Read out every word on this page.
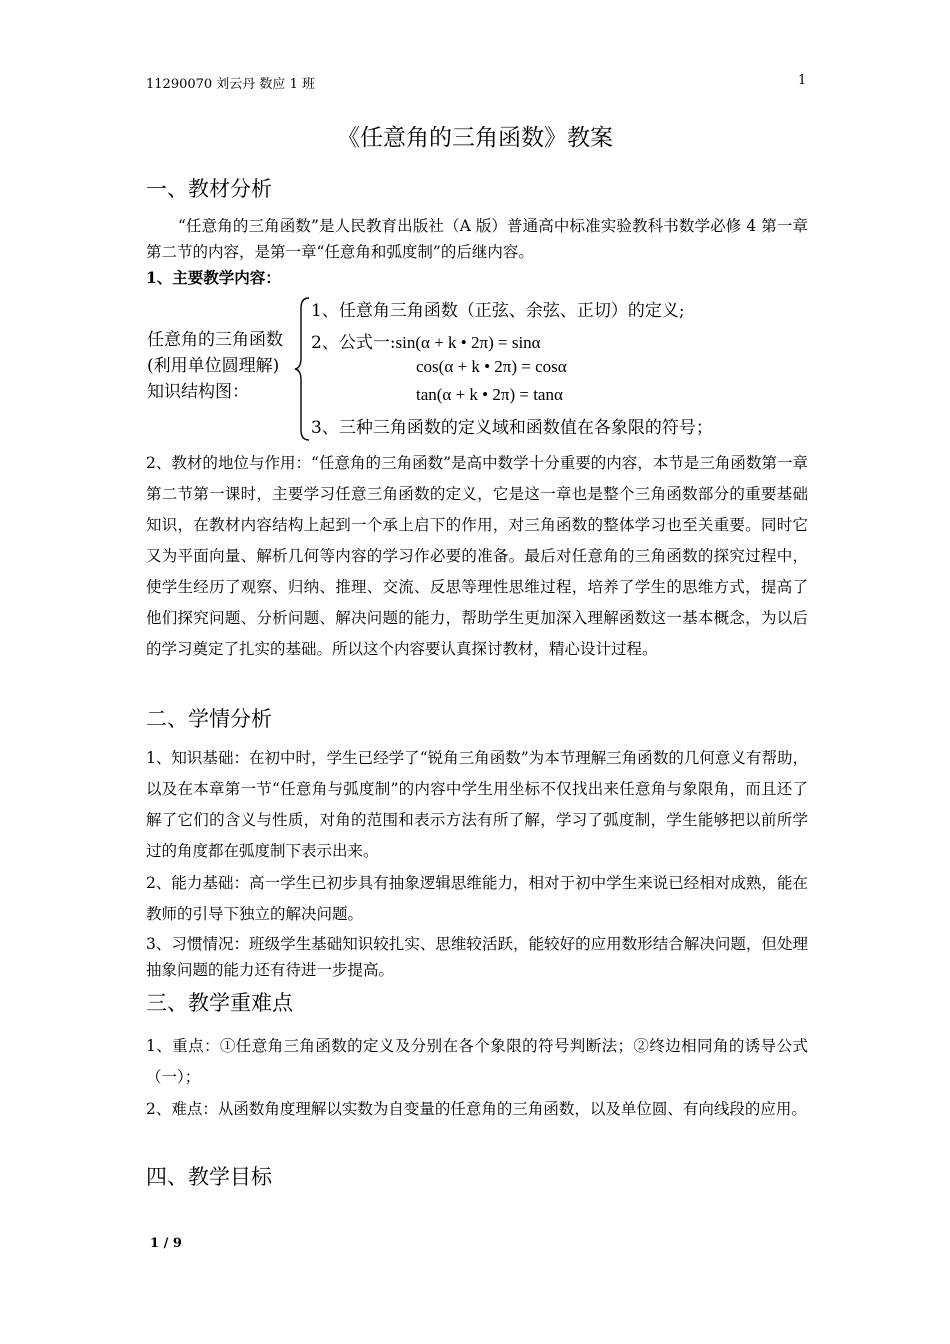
11290070 刘云丹 数应 1 班	1
《任意角的三角函数》教案
一、教材分析
“任意角的三角函数”是人民教育出版社（A 版）普通高中标准实验教科书数学必修 4 第一章第二节的内容，是第一章“任意角和弧度制”的后继内容。
1、主要教学内容：
任意角的三角函数
(利用单位圆理解)
知识结构图：
1、任意角三角函数（正弦、余弦、正切）的定义;
2、公式一:sin(α + k • 2π) = sinα
cos(α + k • 2π) = cosα
tan(α + k • 2π) = tanα
3、三种三角函数的定义域和函数值在各象限的符号；
2、教材的地位与作用：“任意角的三角函数”是高中数学十分重要的内容，本节是三角函数第一章第二节第一课时，主要学习任意三角函数的定义，它是这一章也是整个三角函数部分的重要基础知识，在教材内容结构上起到一个承上启下的作用，对三角函数的整体学习也至关重要。同时它又为平面向量、解析几何等内容的学习作必要的准备。最后对任意角的三角函数的探究过程中，使学生经历了观察、归纳、推理、交流、反思等理性思维过程，培养了学生的思维方式，提高了他们探究问题、分析问题、解决问题的能力，帮助学生更加深入理解函数这一基本概念，为以后的学习奠定了扎实的基础。所以这个内容要认真探讨教材，精心设计过程。
二、学情分析
1、知识基础：在初中时，学生已经学了“锐角三角函数”为本节理解三角函数的几何意义有帮助，以及在本章第一节“任意角与弧度制”的内容中学生用坐标不仅找出来任意角与象限角，而且还了解了它们的含义与性质，对角的范围和表示方法有所了解，学习了弧度制，学生能够把以前所学过的角度都在弧度制下表示出来。
2、能力基础：高一学生已初步具有抽象逻辑思维能力，相对于初中学生来说已经相对成熟，能在教师的引导下独立的解决问题。
3、习惯情况：班级学生基础知识较扎实、思维较活跃，能较好的应用数形结合解决问题，但处理抽象问题的能力还有待进一步提高。
三、教学重难点
1、重点：①任意角三角函数的定义及分别在各个象限的符号判断法；②终边相同角的诱导公式（一）；
2、难点：从函数角度理解以实数为自变量的任意角的三角函数，以及单位圆、有向线段的应用。
四、教学目标
1 / 9
